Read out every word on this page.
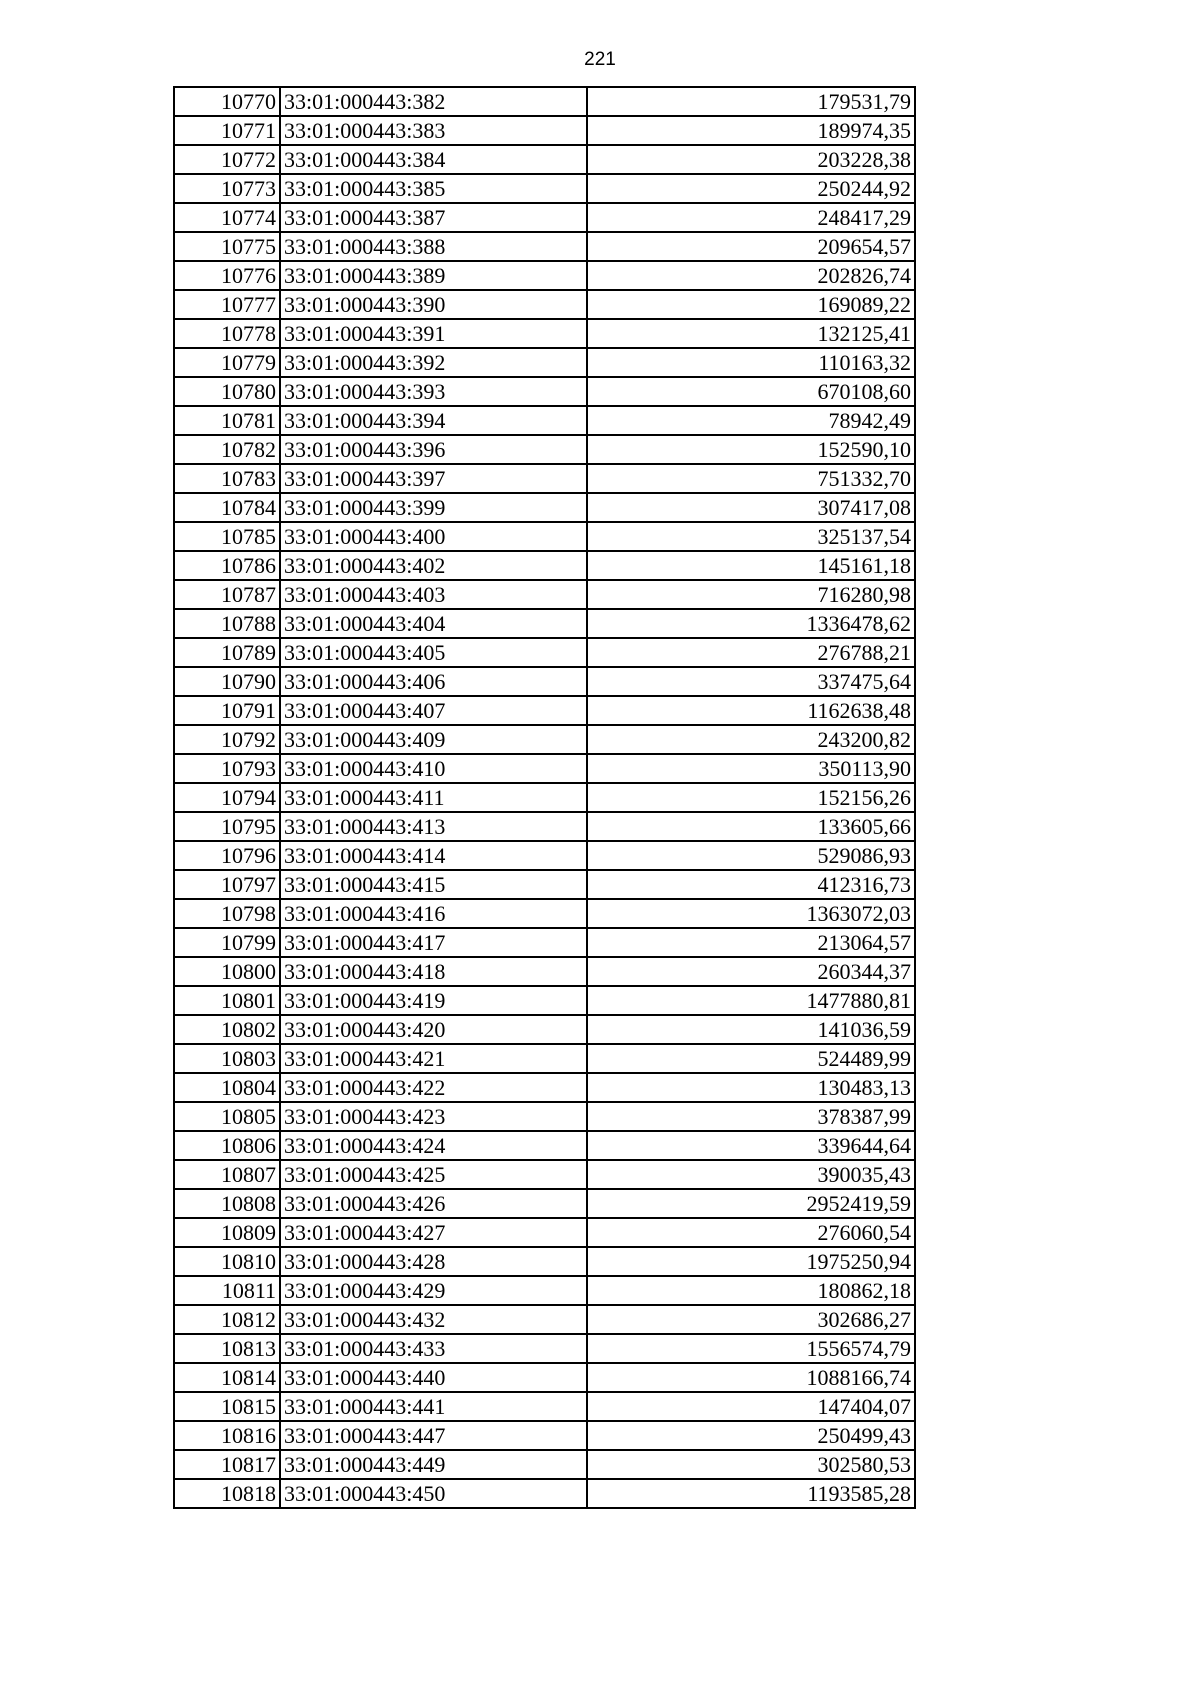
221
10770	33:01:000443:382	179531,79
10771	33:01:000443:383	189974,35
10772	33:01:000443:384	203228,38
10773	33:01:000443:385	250244,92
10774	33:01:000443:387	248417,29
10775	33:01:000443:388	209654,57
10776	33:01:000443:389	202826,74
10777	33:01:000443:390	169089,22
10778	33:01:000443:391	132125,41
10779	33:01:000443:392	110163,32
10780	33:01:000443:393	670108,60
10781	33:01:000443:394	78942,49
10782	33:01:000443:396	152590,10
10783	33:01:000443:397	751332,70
10784	33:01:000443:399	307417,08
10785	33:01:000443:400	325137,54
10786	33:01:000443:402	145161,18
10787	33:01:000443:403	716280,98
10788	33:01:000443:404	1336478,62
10789	33:01:000443:405	276788,21
10790	33:01:000443:406	337475,64
10791	33:01:000443:407	1162638,48
10792	33:01:000443:409	243200,82
10793	33:01:000443:410	350113,90
10794	33:01:000443:411	152156,26
10795	33:01:000443:413	133605,66
10796	33:01:000443:414	529086,93
10797	33:01:000443:415	412316,73
10798	33:01:000443:416	1363072,03
10799	33:01:000443:417	213064,57
10800	33:01:000443:418	260344,37
10801	33:01:000443:419	1477880,81
10802	33:01:000443:420	141036,59
10803	33:01:000443:421	524489,99
10804	33:01:000443:422	130483,13
10805	33:01:000443:423	378387,99
10806	33:01:000443:424	339644,64
10807	33:01:000443:425	390035,43
10808	33:01:000443:426	2952419,59
10809	33:01:000443:427	276060,54
10810	33:01:000443:428	1975250,94
10811	33:01:000443:429	180862,18
10812	33:01:000443:432	302686,27
10813	33:01:000443:433	1556574,79
10814	33:01:000443:440	1088166,74
10815	33:01:000443:441	147404,07
10816	33:01:000443:447	250499,43
10817	33:01:000443:449	302580,53
10818	33:01:000443:450	1193585,28
